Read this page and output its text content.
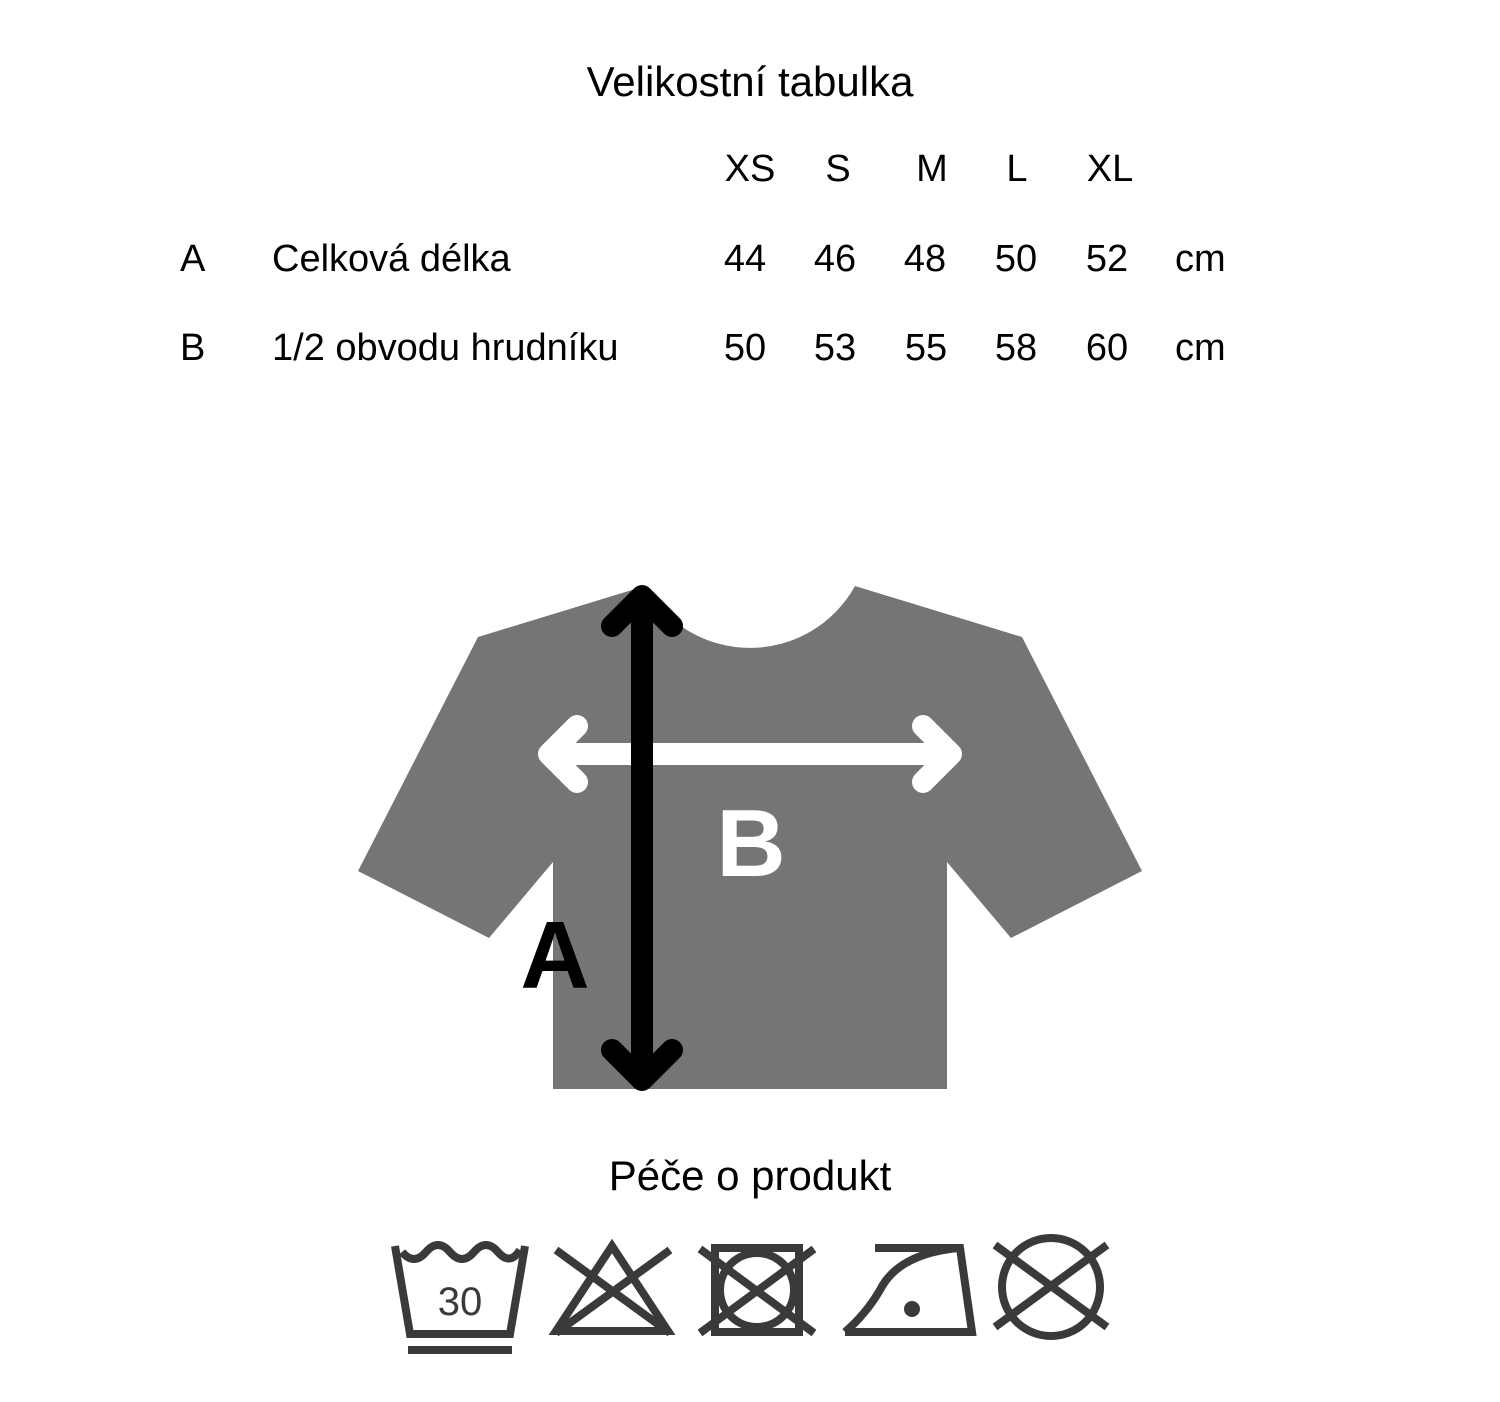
Velikostní tabulka
XS	S	M	L	XL
A Celková délka	44	46	48	50	52	cm
B 1/2 obvodu hrudníku	50	53	55	58	60	cm
B
A
30
Péče o produkt
